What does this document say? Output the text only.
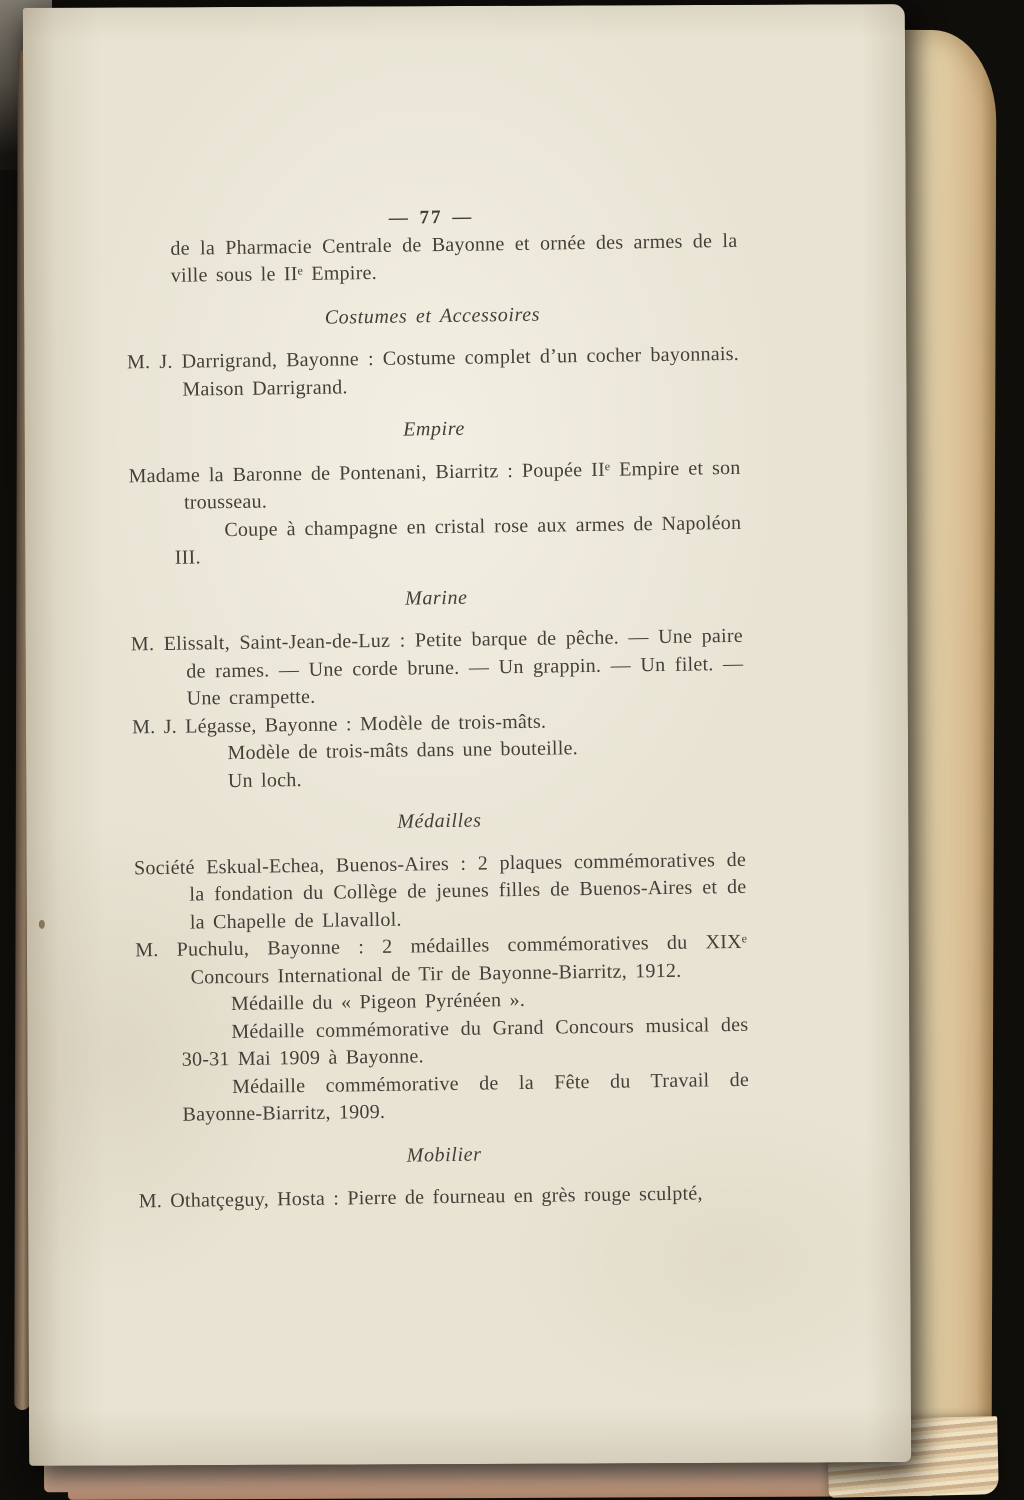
— 77 —

de la Pharmacie Centrale de Bayonne et ornée des armes de la ville sous le IIᵉ Empire.

Costumes et Accessoires

M. J. Darrigrand, Bayonne : Costume complet d’un cocher bayonnais. Maison Darrigrand.

Empire

Madame la Baronne de Pontenani, Biarritz : Poupée IIᵉ Empire et son trousseau.

Coupe à champagne en cristal rose aux armes de Napoléon III.

Marine

M. Elissalt, Saint-Jean-de-Luz : Petite barque de pêche. — Une paire de rames. — Une corde brune. — Un grappin. — Un filet. — Une crampette.

M. J. Légasse, Bayonne : Modèle de trois-mâts.

Modèle de trois-mâts dans une bouteille.

Un loch.

Médailles

Société Eskual-Echea, Buenos-Aires : 2 plaques commémoratives de la fondation du Collège de jeunes filles de Buenos-Aires et de la Chapelle de Llavallol.

M. Puchulu, Bayonne : 2 médailles commémoratives du XIXᵉ Concours International de Tir de Bayonne-Biarritz, 1912.

Médaille du « Pigeon Pyrénéen ».

Médaille commémorative du Grand Concours musical des 30-31 Mai 1909 à Bayonne.

Médaille commémorative de la Fête du Travail de Bayonne-Biarritz, 1909.

Mobilier

M. Othatçeguy, Hosta : Pierre de fourneau en grès rouge sculpté,
